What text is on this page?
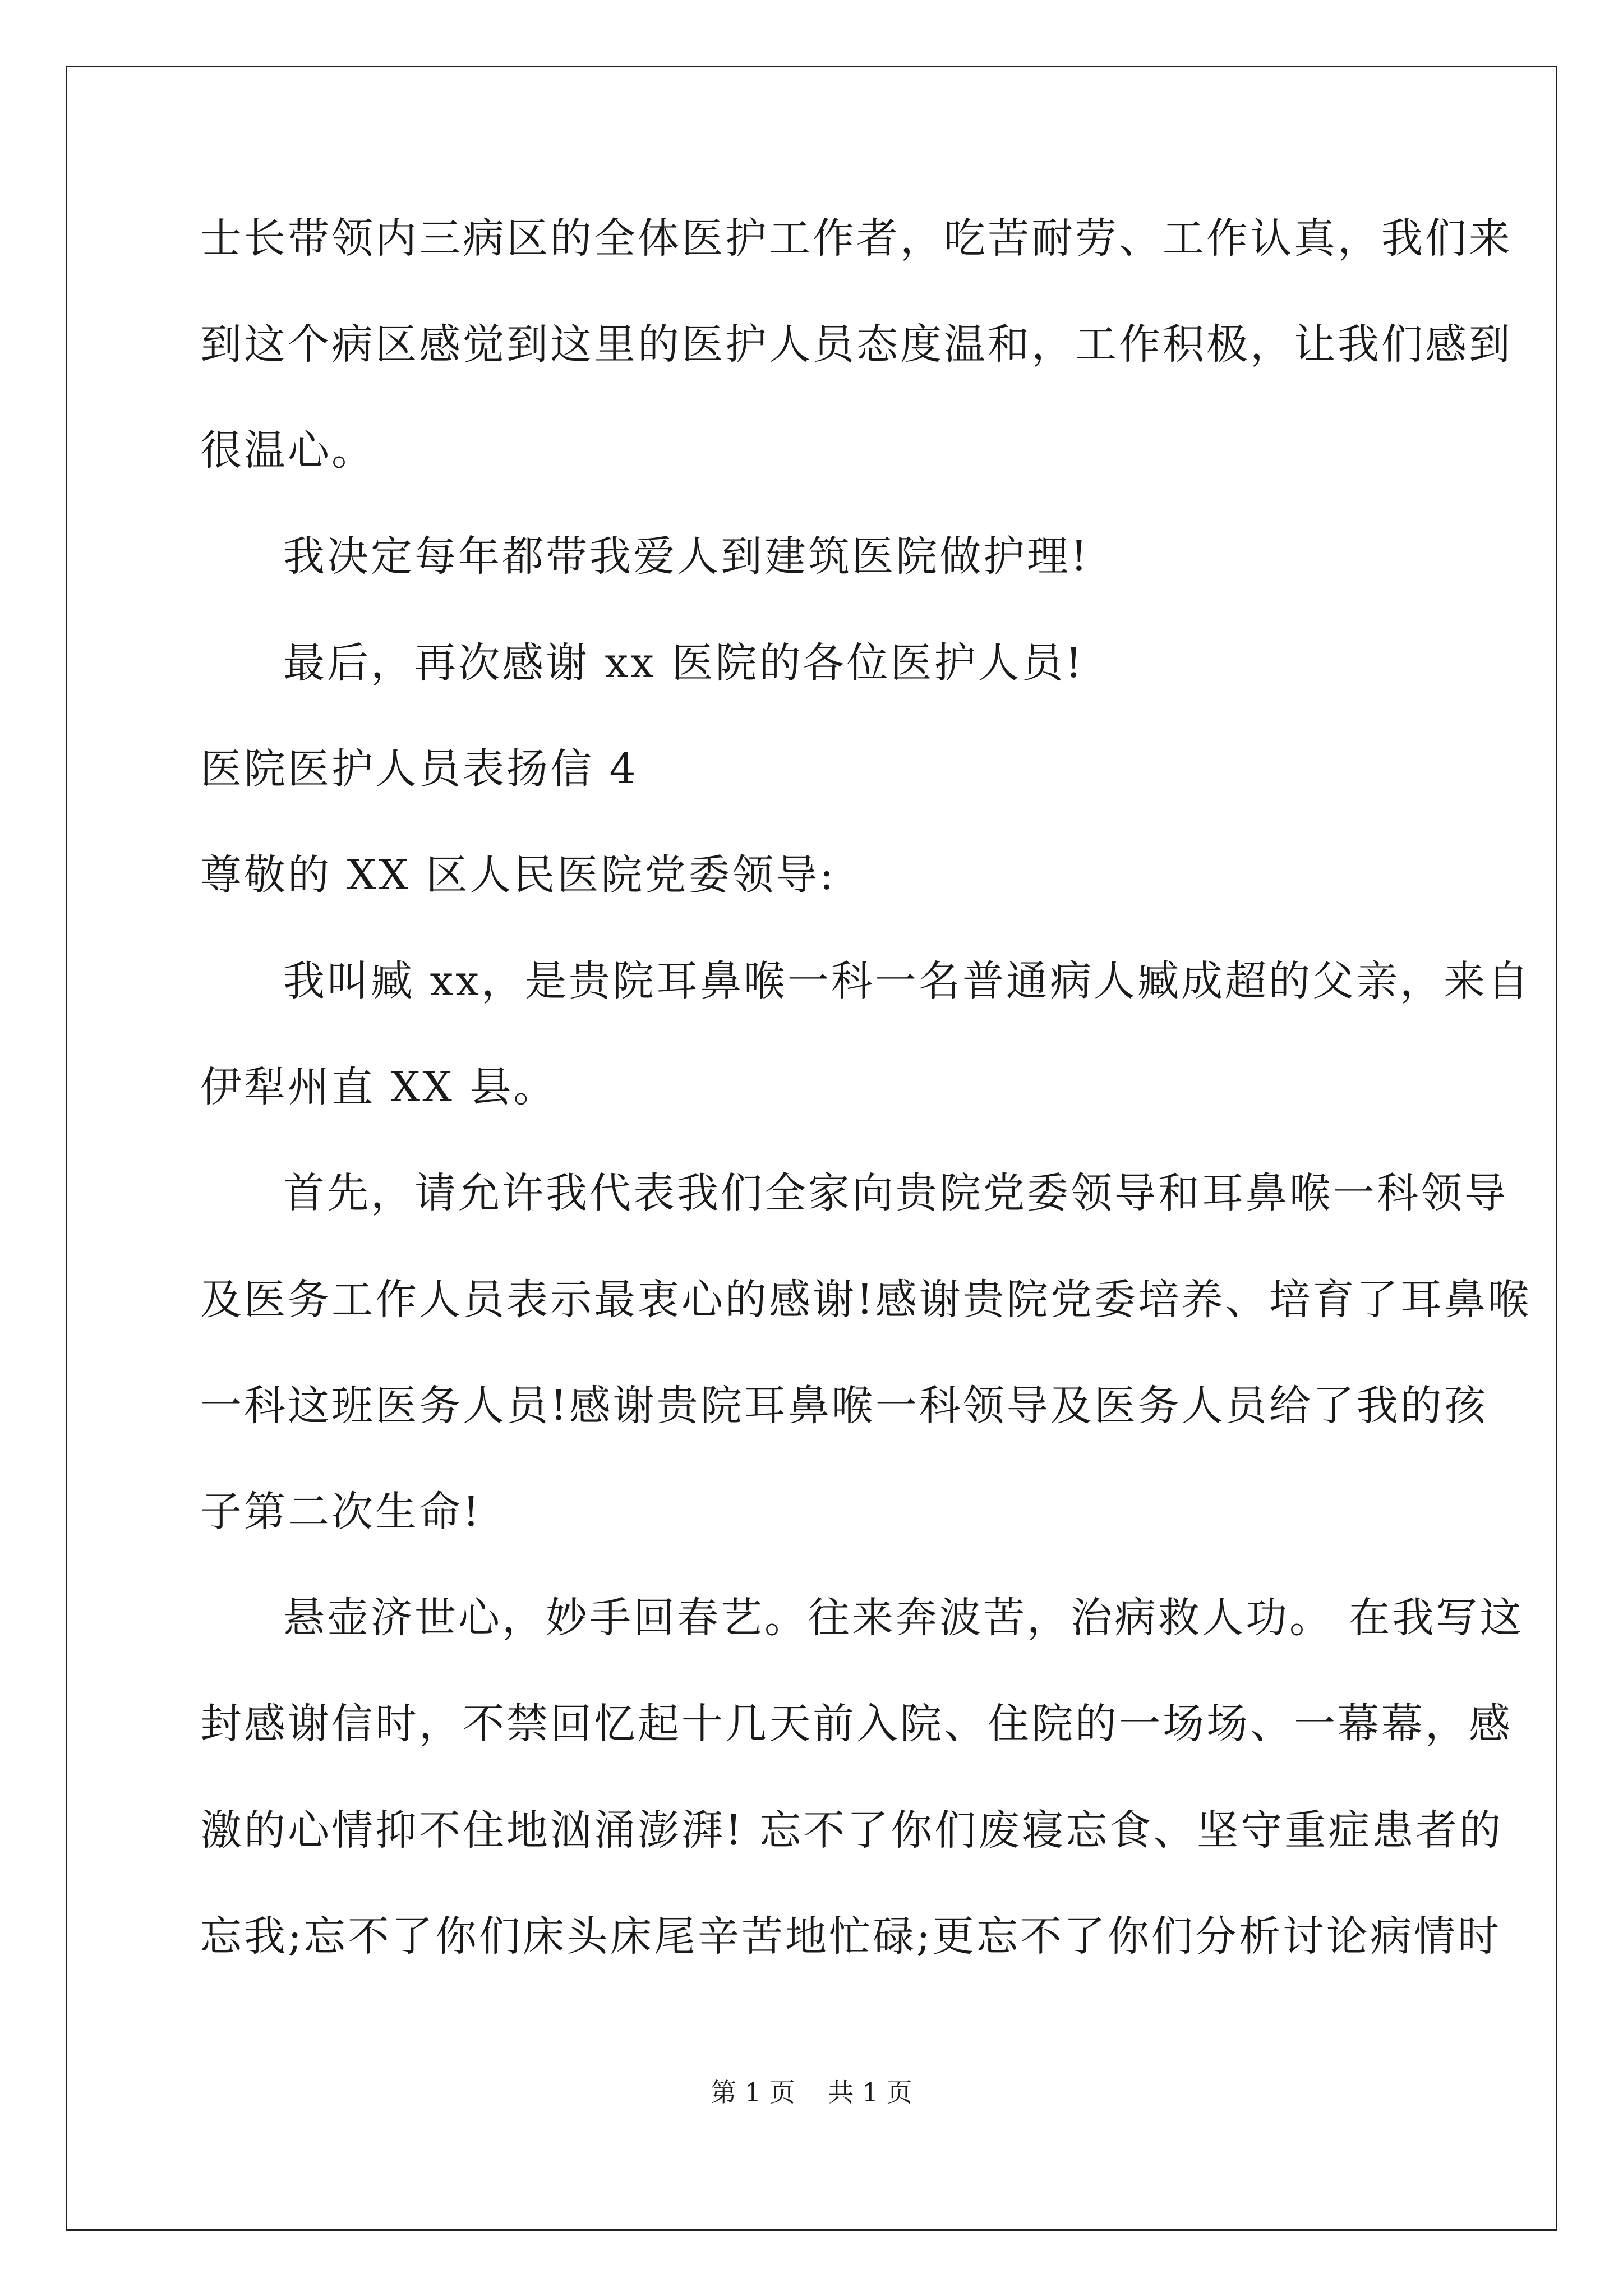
士长带领内三病区的全体医护工作者，吃苦耐劳、工作认真，我们来
到这个病区感觉到这里的医护人员态度温和，工作积极，让我们感到
很温心。
我决定每年都带我爱人到建筑医院做护理!
最后，再次感谢 xx 医院的各位医护人员!
医院医护人员表扬信 4
尊敬的 XX 区人民医院党委领导:
我叫臧 xx，是贵院耳鼻喉一科一名普通病人臧成超的父亲，来自
伊犁州直 XX 县。
首先，请允许我代表我们全家向贵院党委领导和耳鼻喉一科领导
及医务工作人员表示最衷心的感谢!感谢贵院党委培养、培育了耳鼻喉
一科这班医务人员!感谢贵院耳鼻喉一科领导及医务人员给了我的孩
子第二次生命!
悬壶济世心，妙手回春艺。往来奔波苦，治病救人功。 在我写这
封感谢信时，不禁回忆起十几天前入院、住院的一场场、一幕幕，感
激的心情抑不住地汹涌澎湃! 忘不了你们废寝忘食、坚守重症患者的
忘我;忘不了你们床头床尾辛苦地忙碌;更忘不了你们分析讨论病情时
第 1 页    共 1 页
